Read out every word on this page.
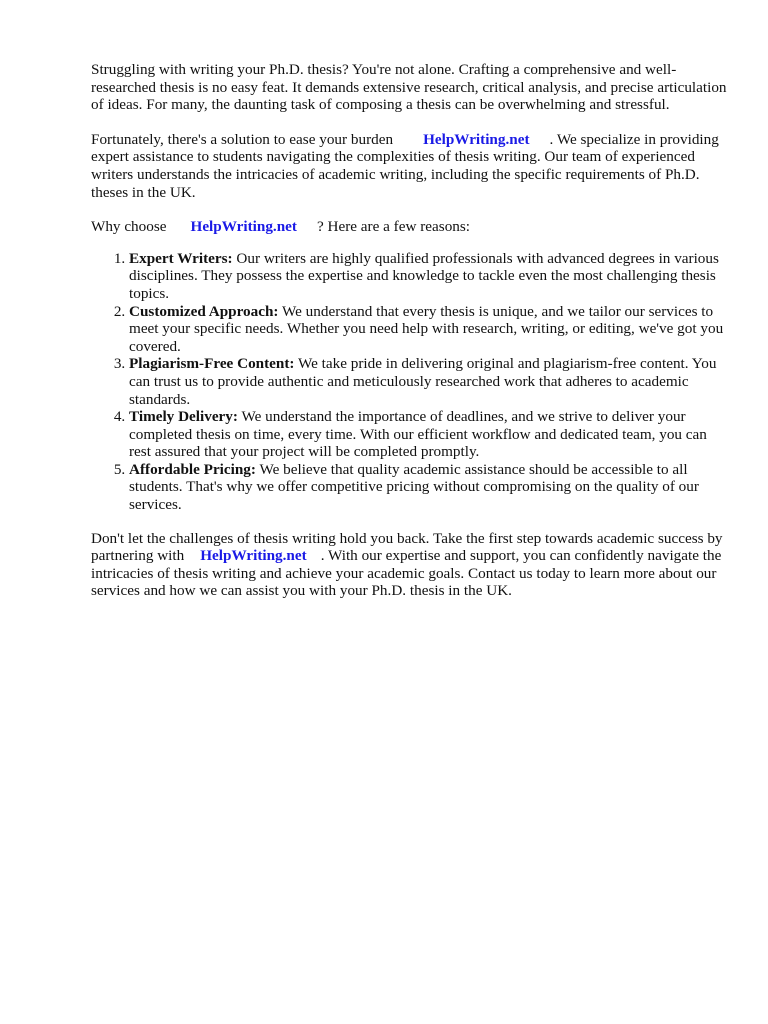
Struggling with writing your Ph.D. thesis? You're not alone. Crafting a comprehensive and well-researched thesis is no easy feat. It demands extensive research, critical analysis, and precise articulation of ideas. For many, the daunting task of composing a thesis can be overwhelming and stressful.

Fortunately, there's a solution to ease your burden HelpWriting.net . We specialize in providing expert assistance to students navigating the complexities of thesis writing. Our team of experienced writers understands the intricacies of academic writing, including the specific requirements of Ph.D. theses in the UK.

Why choose HelpWriting.net ? Here are a few reasons:

1. Expert Writers: Our writers are highly qualified professionals with advanced degrees in various disciplines. They possess the expertise and knowledge to tackle even the most challenging thesis topics.
2. Customized Approach: We understand that every thesis is unique, and we tailor our services to meet your specific needs. Whether you need help with research, writing, or editing, we've got you covered.
3. Plagiarism-Free Content: We take pride in delivering original and plagiarism-free content. You can trust us to provide authentic and meticulously researched work that adheres to academic standards.
4. Timely Delivery: We understand the importance of deadlines, and we strive to deliver your completed thesis on time, every time. With our efficient workflow and dedicated team, you can rest assured that your project will be completed promptly.
5. Affordable Pricing: We believe that quality academic assistance should be accessible to all students. That's why we offer competitive pricing without compromising on the quality of our services.

Don't let the challenges of thesis writing hold you back. Take the first step towards academic success by partnering with HelpWriting.net . With our expertise and support, you can confidently navigate the intricacies of thesis writing and achieve your academic goals. Contact us today to learn more about our services and how we can assist you with your Ph.D. thesis in the UK.
